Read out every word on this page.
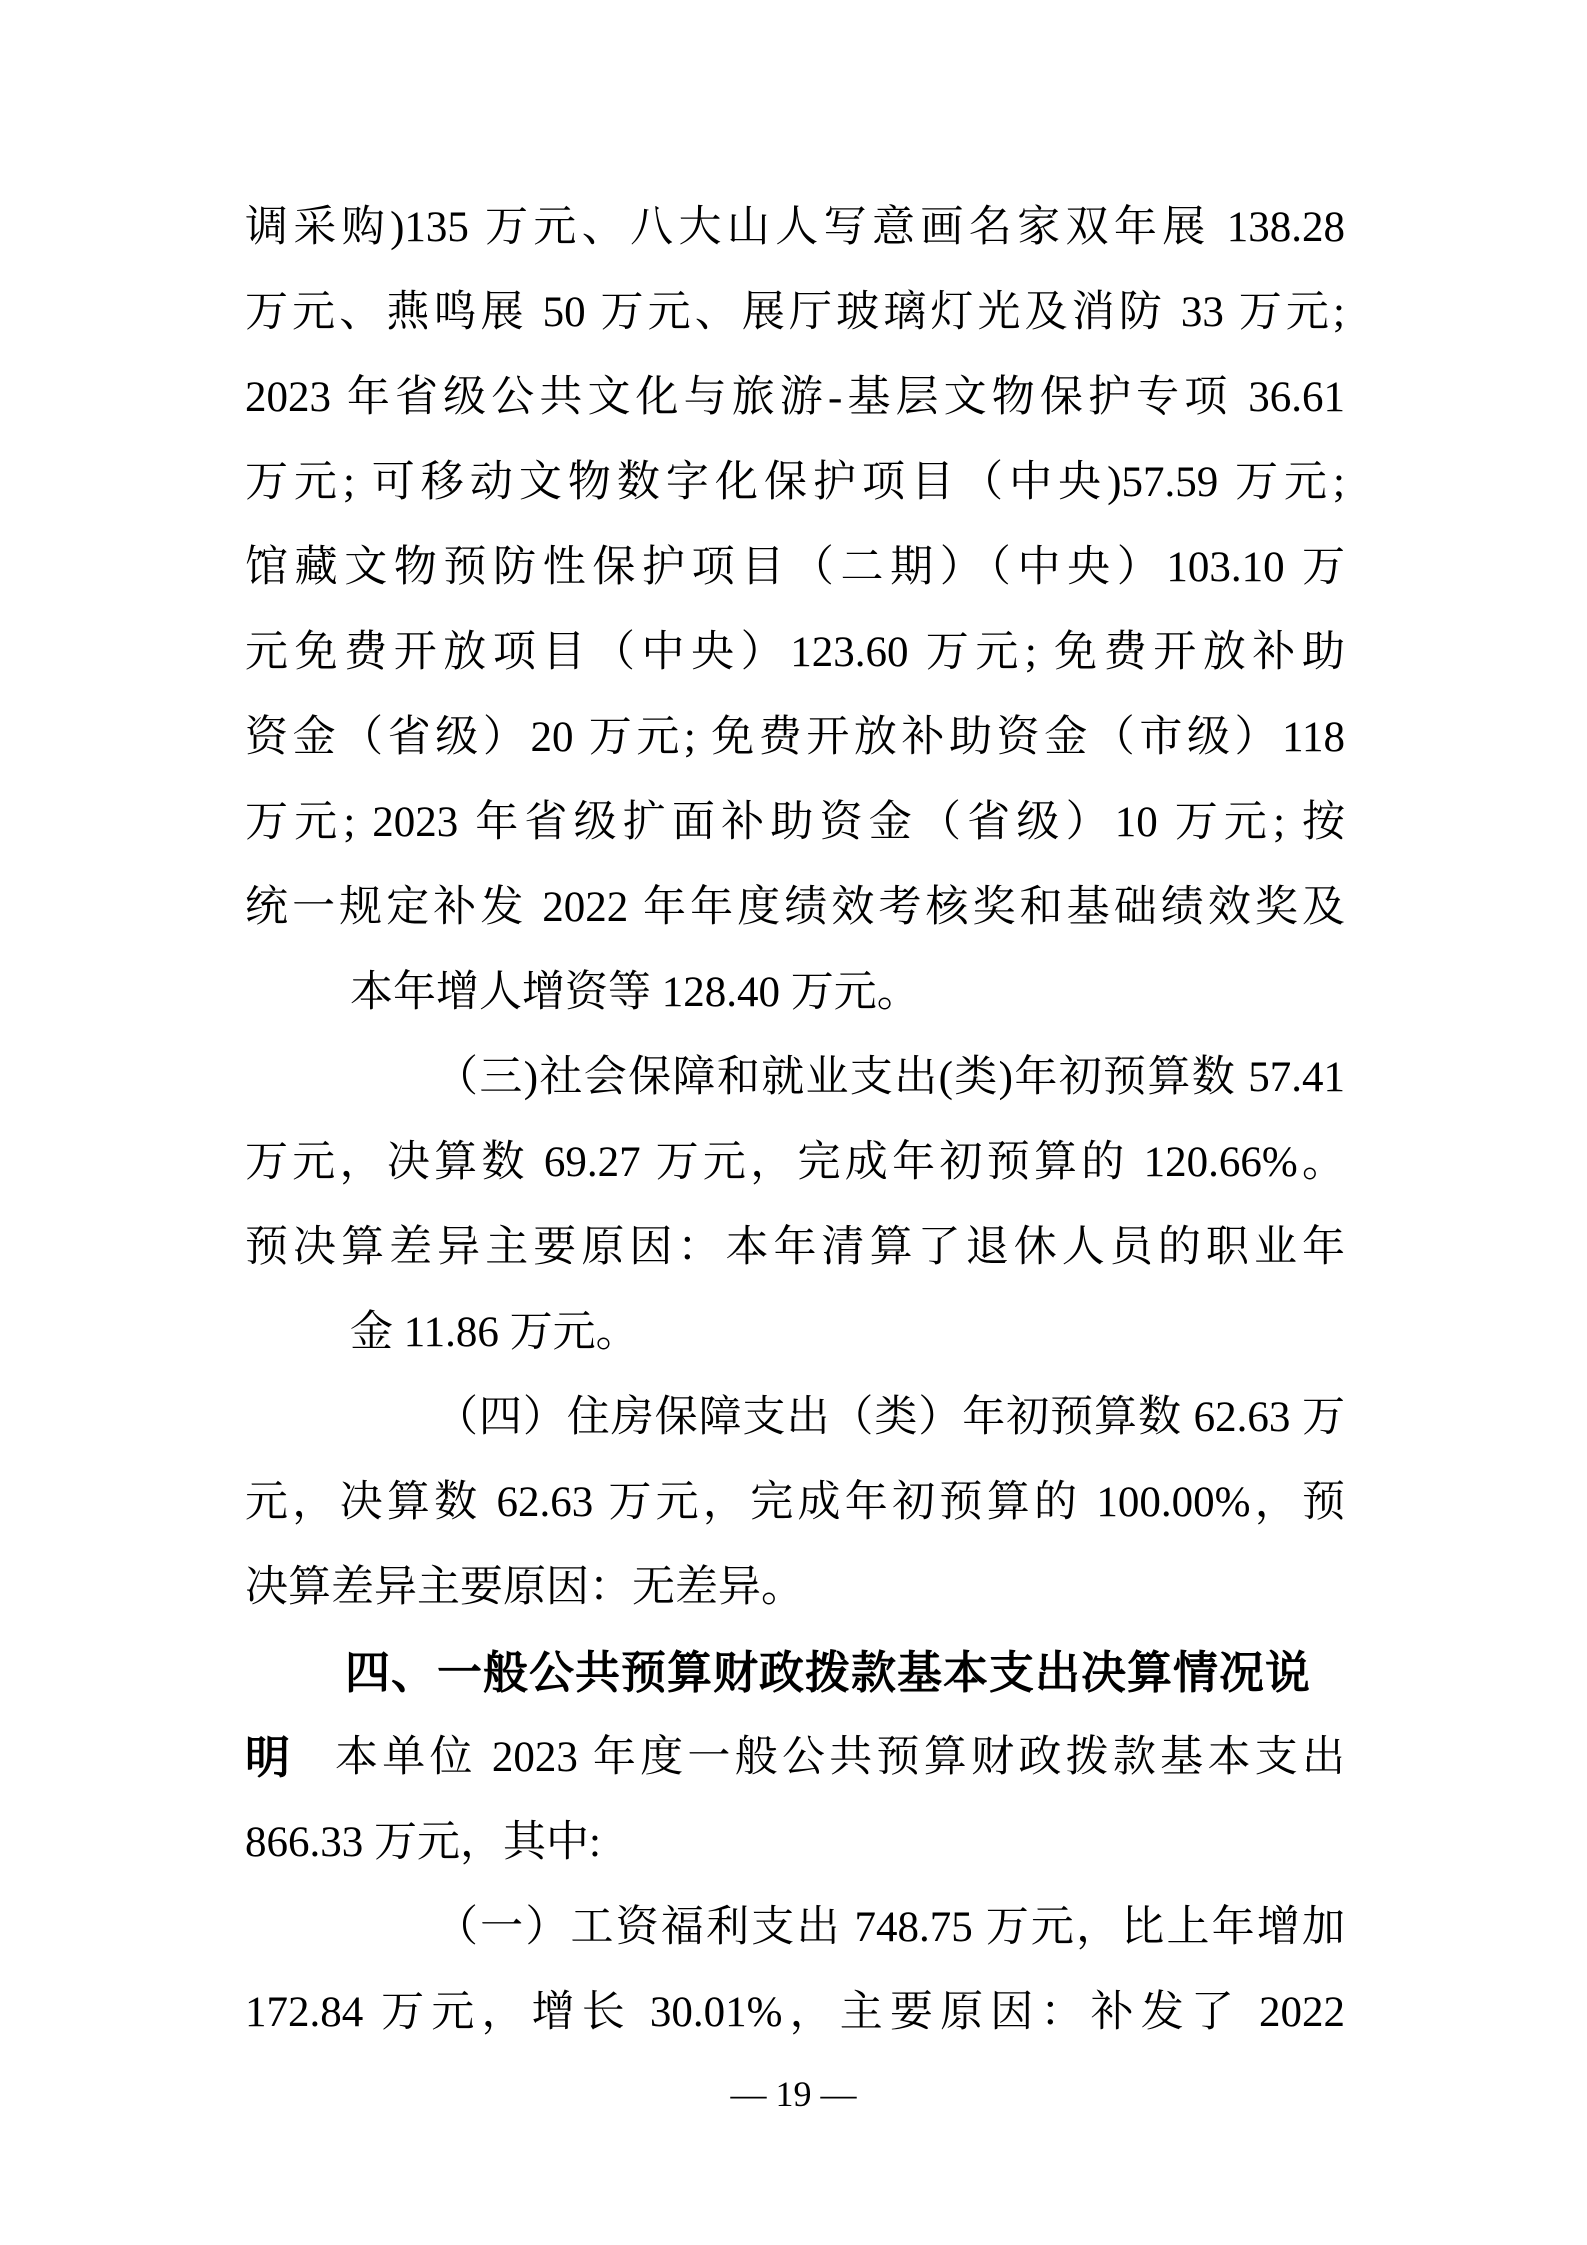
调采购)135 万元、八大山人写意画名家双年展 138.28
万元、燕鸣展 50 万元、展厅玻璃灯光及消防 33 万元;
2023 年省级公共文化与旅游-基层文物保护专项 36.61
万元; 可移动文物数字化保护项目（中央)57.59 万元;
馆藏文物预防性保护项目（二期）（中央）103.10 万
元免费开放项目（中央）123.60 万元; 免费开放补助
资金（省级）20 万元; 免费开放补助资金（市级）118
万元; 2023 年省级扩面补助资金（省级）10 万元; 按
统一规定补发 2022 年年度绩效考核奖和基础绩效奖及
本年增人增资等 128.40 万元。
（三)社会保障和就业支出(类)年初预算数 57.41
万元，决算数 69.27 万元，完成年初预算的 120.66%。
预决算差异主要原因：本年清算了退休人员的职业年
金 11.86 万元。
（四）住房保障支出（类）年初预算数 62.63 万
元，决算数 62.63 万元，完成年初预算的 100.00%，预
决算差异主要原因：无差异。
四、一般公共预算财政拨款基本支出决算情况说明	本单位 2023 年度一般公共预算财政拨款基本支出
866.33 万元，其中:
（一）工资福利支出 748.75 万元，比上年增加
172.84 万元，增长 30.01%，主要原因：补发了 2022
— 19 —
